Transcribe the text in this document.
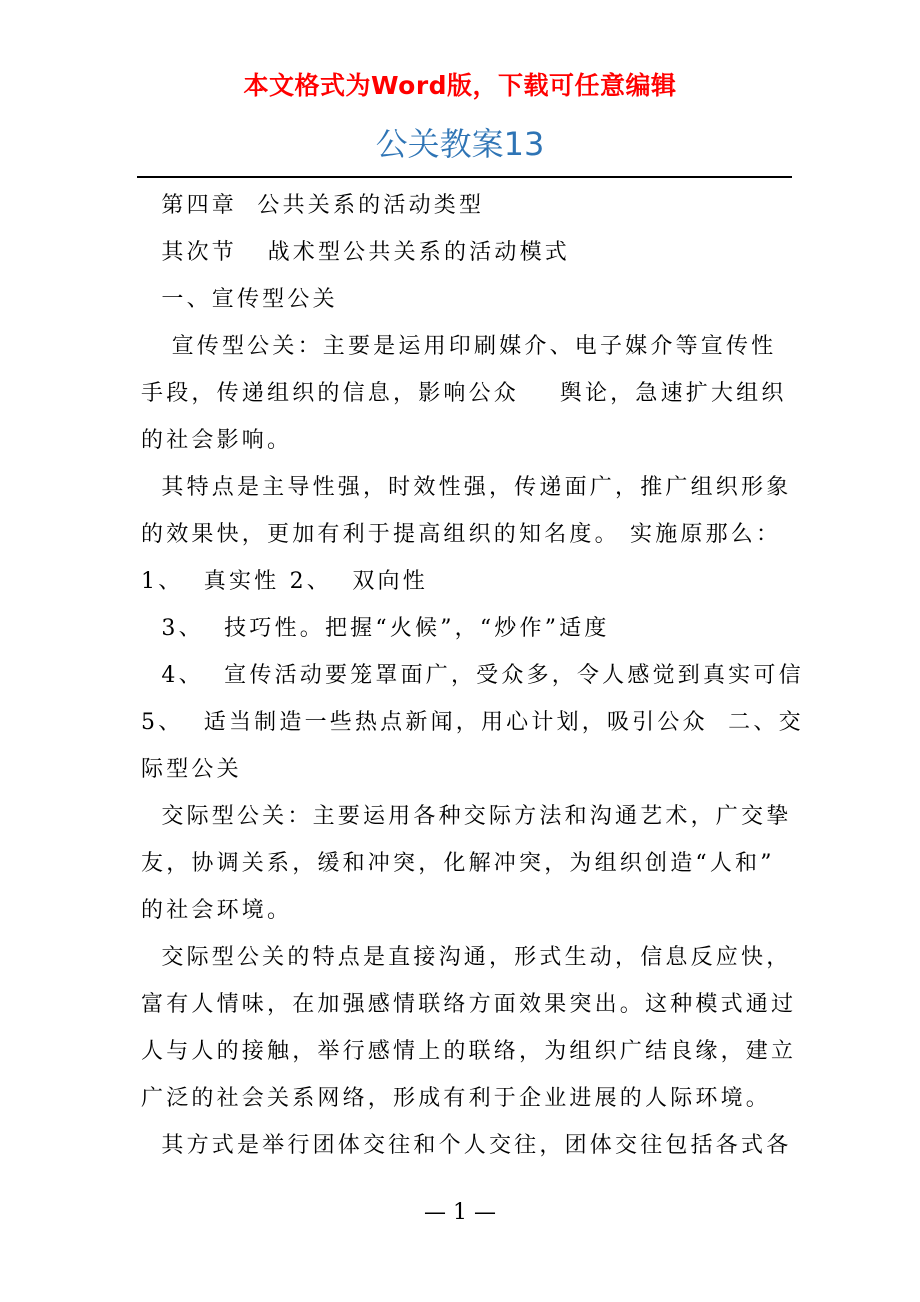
本文格式为Word版，下载可任意编辑
公关教案13
第四章  公共关系的活动类型
其次节   战术型公共关系的活动模式
一、宣传型公关
宣传型公关：主要是运用印刷媒介、电子媒介等宣传性
手段，传递组织的信息，影响公众    舆论，急速扩大组织
的社会影响。
其特点是主导性强，时效性强，传递面广，推广组织形象
的效果快，更加有利于提高组织的知名度。 实施原那么：
1、  真实性 2、  双向性
3、  技巧性。把握“火候”，“炒作”适度
4、  宣传活动要笼罩面广，受众多，令人感觉到真实可信
5、  适当制造一些热点新闻，用心计划，吸引公众  二、交
际型公关
交际型公关：主要运用各种交际方法和沟通艺术，广交挚
友，协调关系，缓和冲突，化解冲突，为组织创造“人和”
的社会环境。
交际型公关的特点是直接沟通，形式生动，信息反应快，
富有人情味，在加强感情联络方面效果突出。这种模式通过
人与人的接触，举行感情上的联络，为组织广结良缘，建立
广泛的社会关系网络，形成有利于企业进展的人际环境。
其方式是举行团体交往和个人交往，团体交往包括各式各
— 1 —
